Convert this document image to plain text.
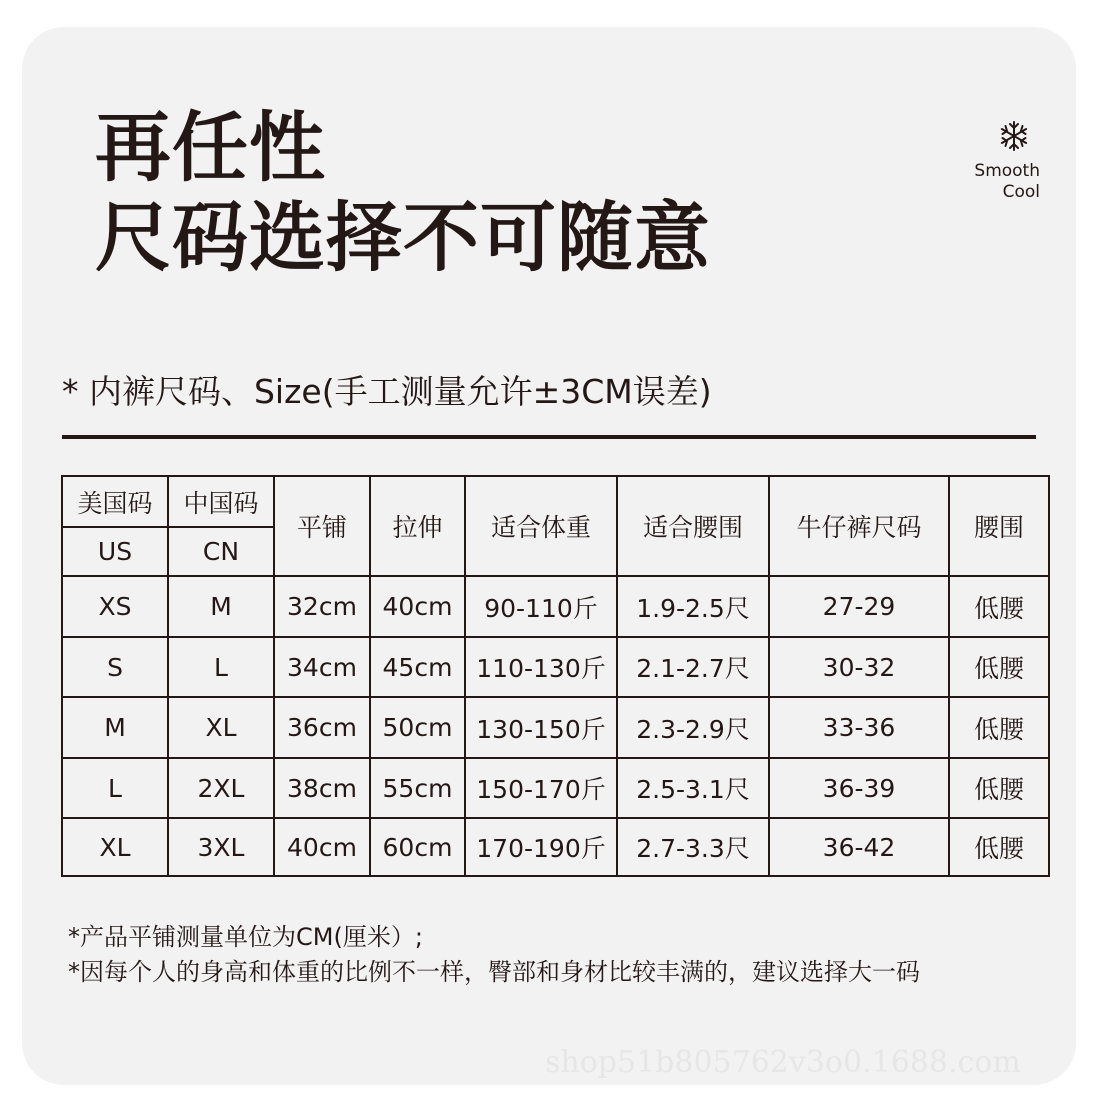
再任性
尺码选择不可随意
Smooth
Cool
* 内裤尺码、Size(手工测量允许±3CM误差)
美国码	中国码	平铺	拉伸	适合体重	适合腰围	牛仔裤尺码	腰围
US	CN						
XS	M	32cm	40cm	90-110斤	1.9-2.5尺	27-29	低腰
S	L	34cm	45cm	110-130斤	2.1-2.7尺	30-32	低腰
M	XL	36cm	50cm	130-150斤	2.3-2.9尺	33-36	低腰
L	2XL	38cm	55cm	150-170斤	2.5-3.1尺	36-39	低腰
XL	3XL	40cm	60cm	170-190斤	2.7-3.3尺	36-42	低腰
*产品平铺测量单位为CM(厘米）;
*因每个人的身高和体重的比例不一样，臀部和身材比较丰满的，建议选择大一码
shop51b805762v3o0.1688.com
